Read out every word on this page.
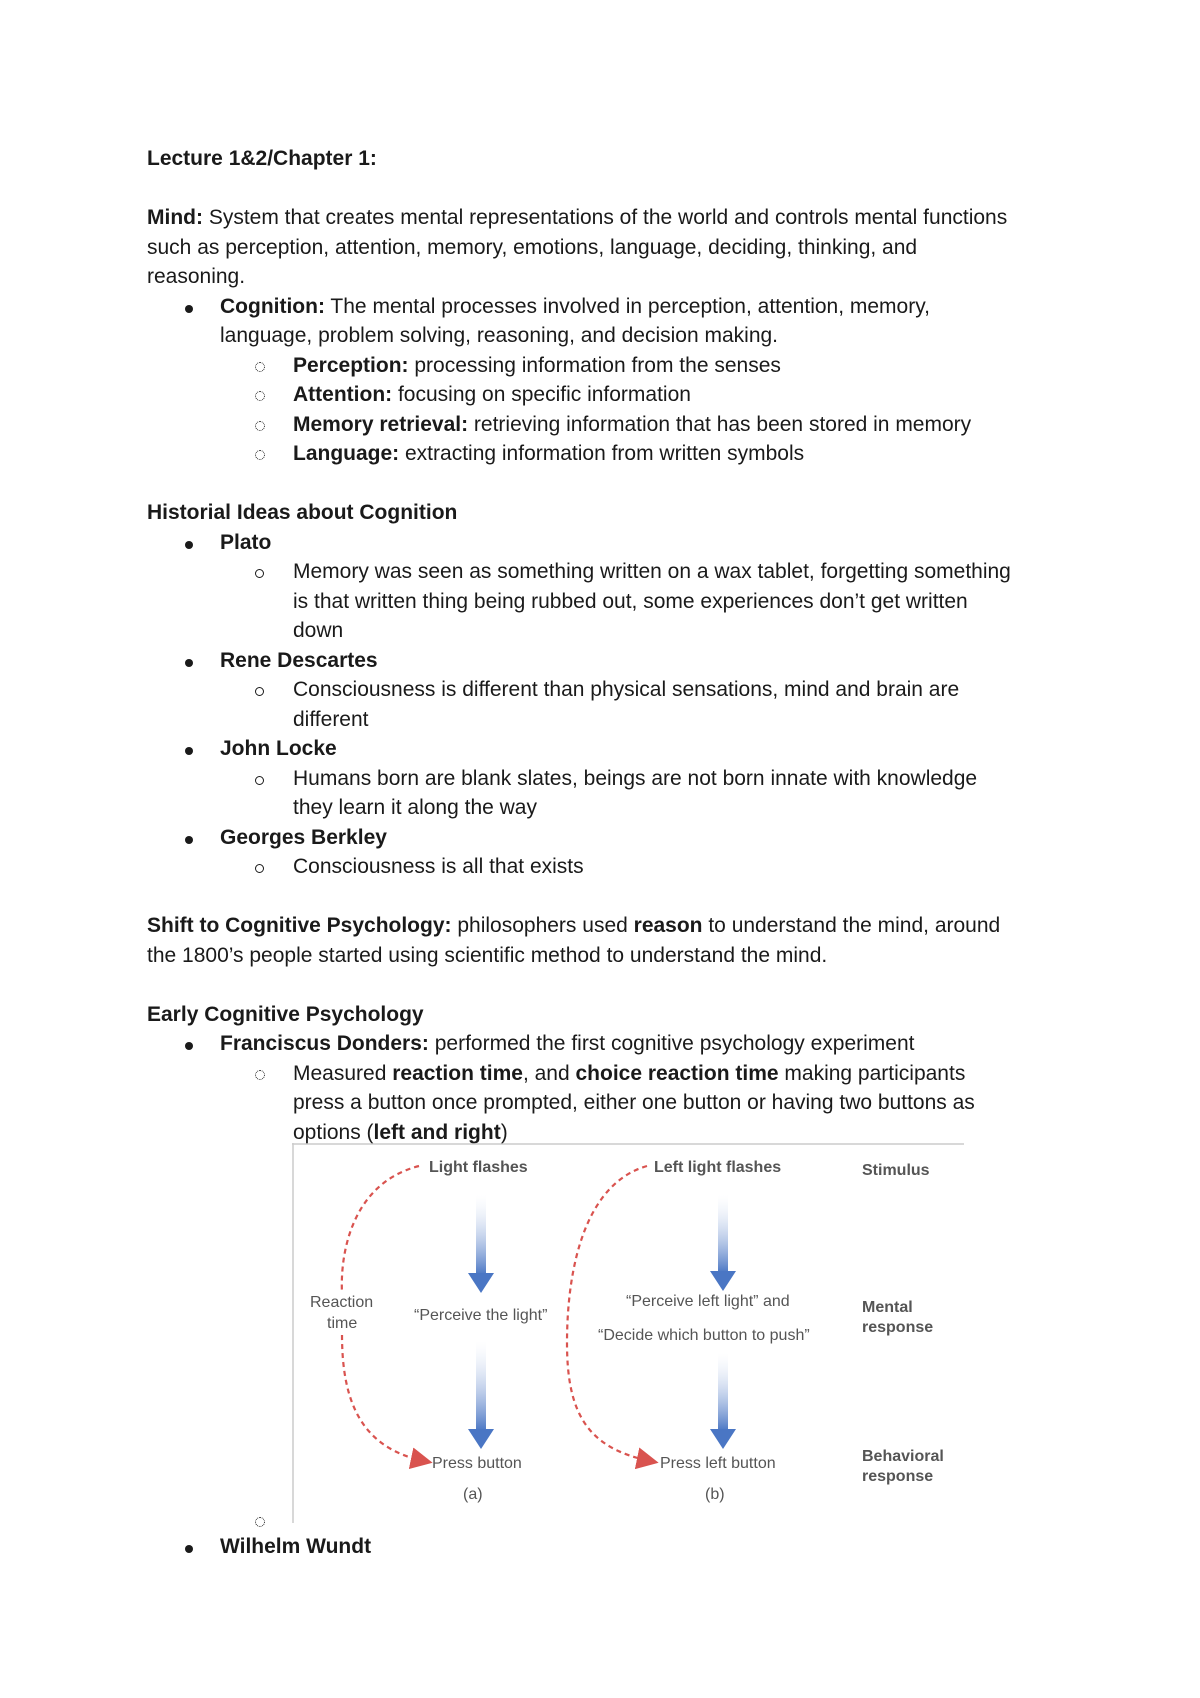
Lecture 1&2/Chapter 1:

Mind: System that creates mental representations of the world and controls mental functions

such as perception, attention, memory, emotions, language, deciding, thinking, and

reasoning.

Cognition: The mental processes involved in perception, attention, memory,
language, problem solving, reasoning, and decision making.
Perception: processing information from the senses
Attention: focusing on specific information
Memory retrieval: retrieving information that has been stored in memory
Language: extracting information from written symbols

Historial Ideas about Cognition

Plato
Memory was seen as something written on a wax tablet, forgetting something
is that written thing being rubbed out, some experiences don’t get written
down
Rene Descartes
Consciousness is different than physical sensations, mind and brain are
different
John Locke
Humans born are blank slates, beings are not born innate with knowledge
they learn it along the way
Georges Berkley
Consciousness is all that exists

Shift to Cognitive Psychology: philosophers used reason to understand the mind, around

the 1800’s people started using scientific method to understand the mind.

Early Cognitive Psychology

Franciscus Donders: performed the first cognitive psychology experiment
Measured reaction time, and choice reaction time making participants
press a button once prompted, either one button or having two buttons as
options (left and right)
Light flashes
“Perceive the light”
Press button
(a)
Reaction
time
Left light flashes
“Perceive left light” and
“Decide which button to push”
Press left button
(b)
Stimulus
Mental
response
Behavioral
response
Wilhelm Wundt
